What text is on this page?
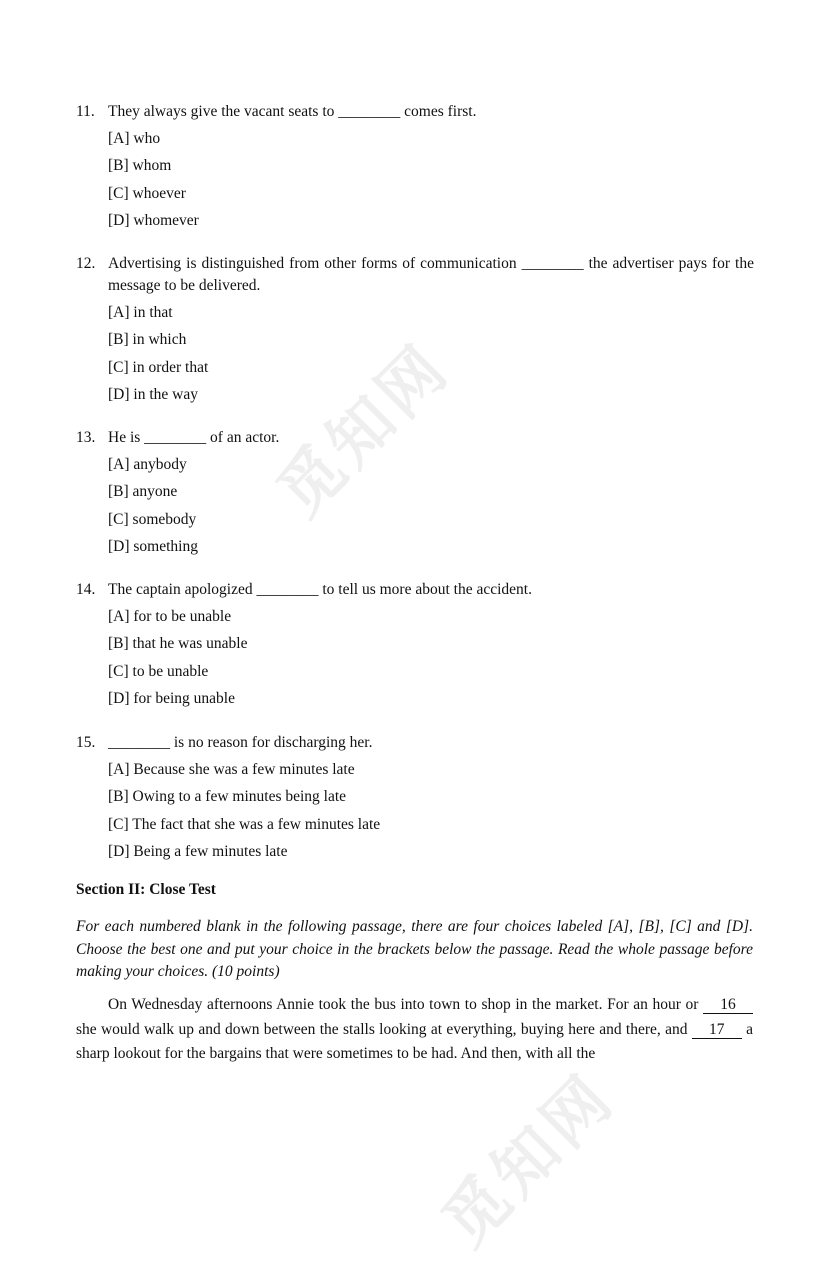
觅知网
觅知网
11. They always give the vacant seats to ________ comes first.
[A] who
[B] whom
[C] whoever
[D] whomever
12. Advertising is distinguished from other forms of communication ________ the advertiser pays for the message to be delivered.
[A] in that
[B] in which
[C] in order that
[D] in the way
13. He is ________ of an actor.
[A] anybody
[B] anyone
[C] somebody
[D] something
14. The captain apologized ________ to tell us more about the accident.
[A] for to be unable
[B] that he was unable
[C] to be unable
[D] for being unable
15. ________ is no reason for discharging her.
[A] Because she was a few minutes late
[B] Owing to a few minutes being late
[C] The fact that she was a few minutes late
[D] Being a few minutes late
Section II: Close Test
For each numbered blank in the following passage, there are four choices labeled [A], [B], [C] and [D]. Choose the best one and put your choice in the brackets below the passage. Read the whole passage before making your choices. (10 points)
On Wednesday afternoons Annie took the bus into town to shop in the market. For an hour or 16 she would walk up and down between the stalls looking at everything, buying here and there, and 17 a sharp lookout for the bargains that were sometimes to be had. And then, with all the
